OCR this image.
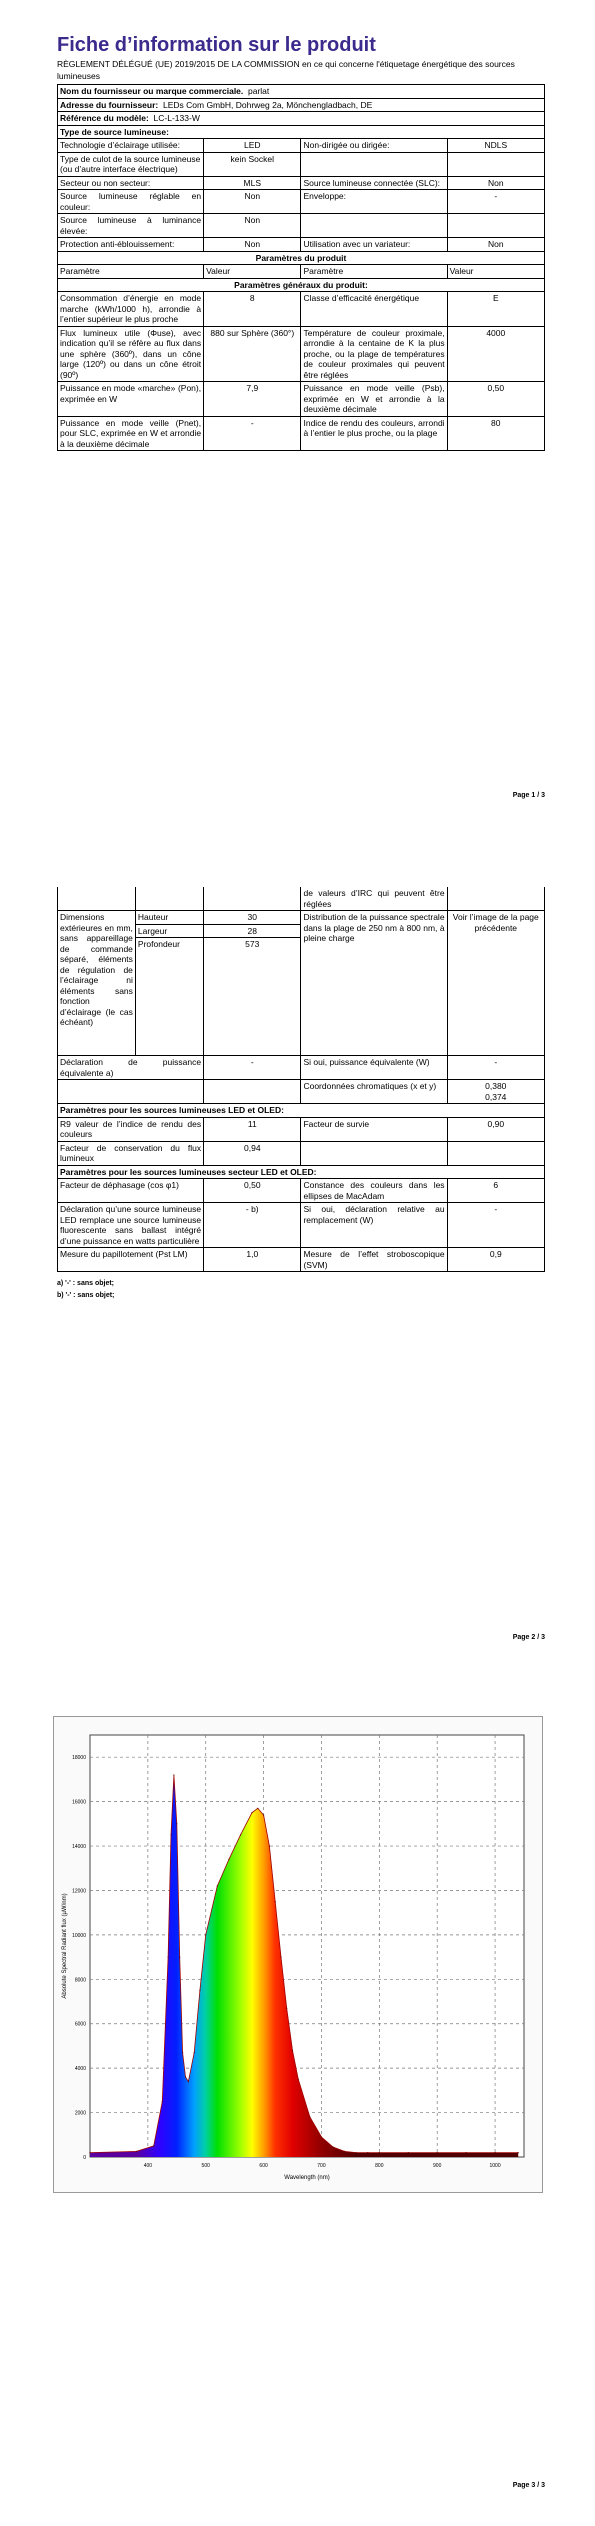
Fiche d’information sur le produit

RÈGLEMENT DÉLÉGUÉ (UE) 2019/2015 DE LA COMMISSION en ce qui concerne l'étiquetage énergétique des sources lumineuses

Nom du fournisseur ou marque commerciale. parlat			
Adresse du fournisseur: LEDs Com GmbH, Dohrweg 2a, Mönchengladbach, DE			
Référence du modèle: LC-L-133-W			
Type de source lumineuse:			
Technologie d’éclairage utilisée:	LED	Non-dirigée ou dirigée:	NDLS
Type de culot de la source lumineuse
(ou d’autre interface électrique)	kein Sockel		
Secteur ou non secteur:	MLS	Source lumineuse connectée (SLC):	Non
Source lumineuse réglable en couleur:	Non	Enveloppe:	-
Source lumineuse à luminance élevée:	Non		
Protection anti-éblouissement:	Non	Utilisation avec un variateur:	Non
Paramètres du produit			
Paramètre	Valeur	Paramètre	Valeur
Paramètres généraux du produit:			
Consommation d’énergie en mode marche (kWh/1000 h), arrondie à l’entier supérieur le plus proche	8	Classe d’efficacité énergétique	E
Flux lumineux utile (Φuse), avec indication qu’il se réfère au flux dans une sphère (360º), dans un cône large (120º) ou dans un cône étroit (90º)	880 sur Sphère (360°)	Température de couleur proximale, arrondie à la centaine de K la plus proche, ou la plage de températures de couleur proximales qui peuvent être réglées	4000
Puissance en mode «marche» (Pon), exprimée en W	7,9	Puissance en mode veille (Psb), exprimée en W et arrondie à la deuxième décimale	0,50
Puissance en mode veille (Pnet), pour SLC, exprimée en W et arrondie à la deuxième décimale	-	Indice de rendu des couleurs, arrondi à l’entier le plus proche, ou la plage	80
Page 1 / 3
			de valeurs d’IRC qui peuvent être réglées	
Dimensions extérieures en mm, sans appareillage de commande séparé, éléments de régulation de l’éclairage ni éléments sans fonction d’éclairage (le cas échéant)	Hauteur	30	Distribution de la puissance spectrale dans la plage de 250 nm à 800 nm, à pleine charge	Voir l’image de la page précédente
	Largeur	28		
	Profondeur	573		
Déclaration de puissance équivalente a)		-	Si oui, puissance équivalente (W)	-
			Coordonnées chromatiques (x et y)	0,380
0,374
Paramètres pour les sources lumineuses LED et OLED:				
R9 valeur de l’indice de rendu des couleurs		11	Facteur de survie	0,90
Facteur de conservation du flux lumineux		0,94		
Paramètres pour les sources lumineuses secteur LED et OLED:				
Facteur de déphasage (cos φ1)		0,50	Constance des couleurs dans les ellipses de MacAdam	6
Déclaration qu’une source lumineuse LED remplace une source lumineuse fluorescente sans ballast intégré d’une puissance en watts particulière		- b)	Si oui, déclaration relative au remplacement (W)	-
Mesure du papillotement (Pst LM)		1,0	Mesure de l’effet stroboscopique (SVM)	0,9
a) '-' : sans objet;
b) '-' : sans objet;
Page 2 / 3
400	500	600	700	800	900	1000
0
2000
4000
6000
8000
10000
12000
14000
16000
18000
Wavelength (nm)
Absolute Spectral Radiant flux (µW/nm)
Page 3 / 3
